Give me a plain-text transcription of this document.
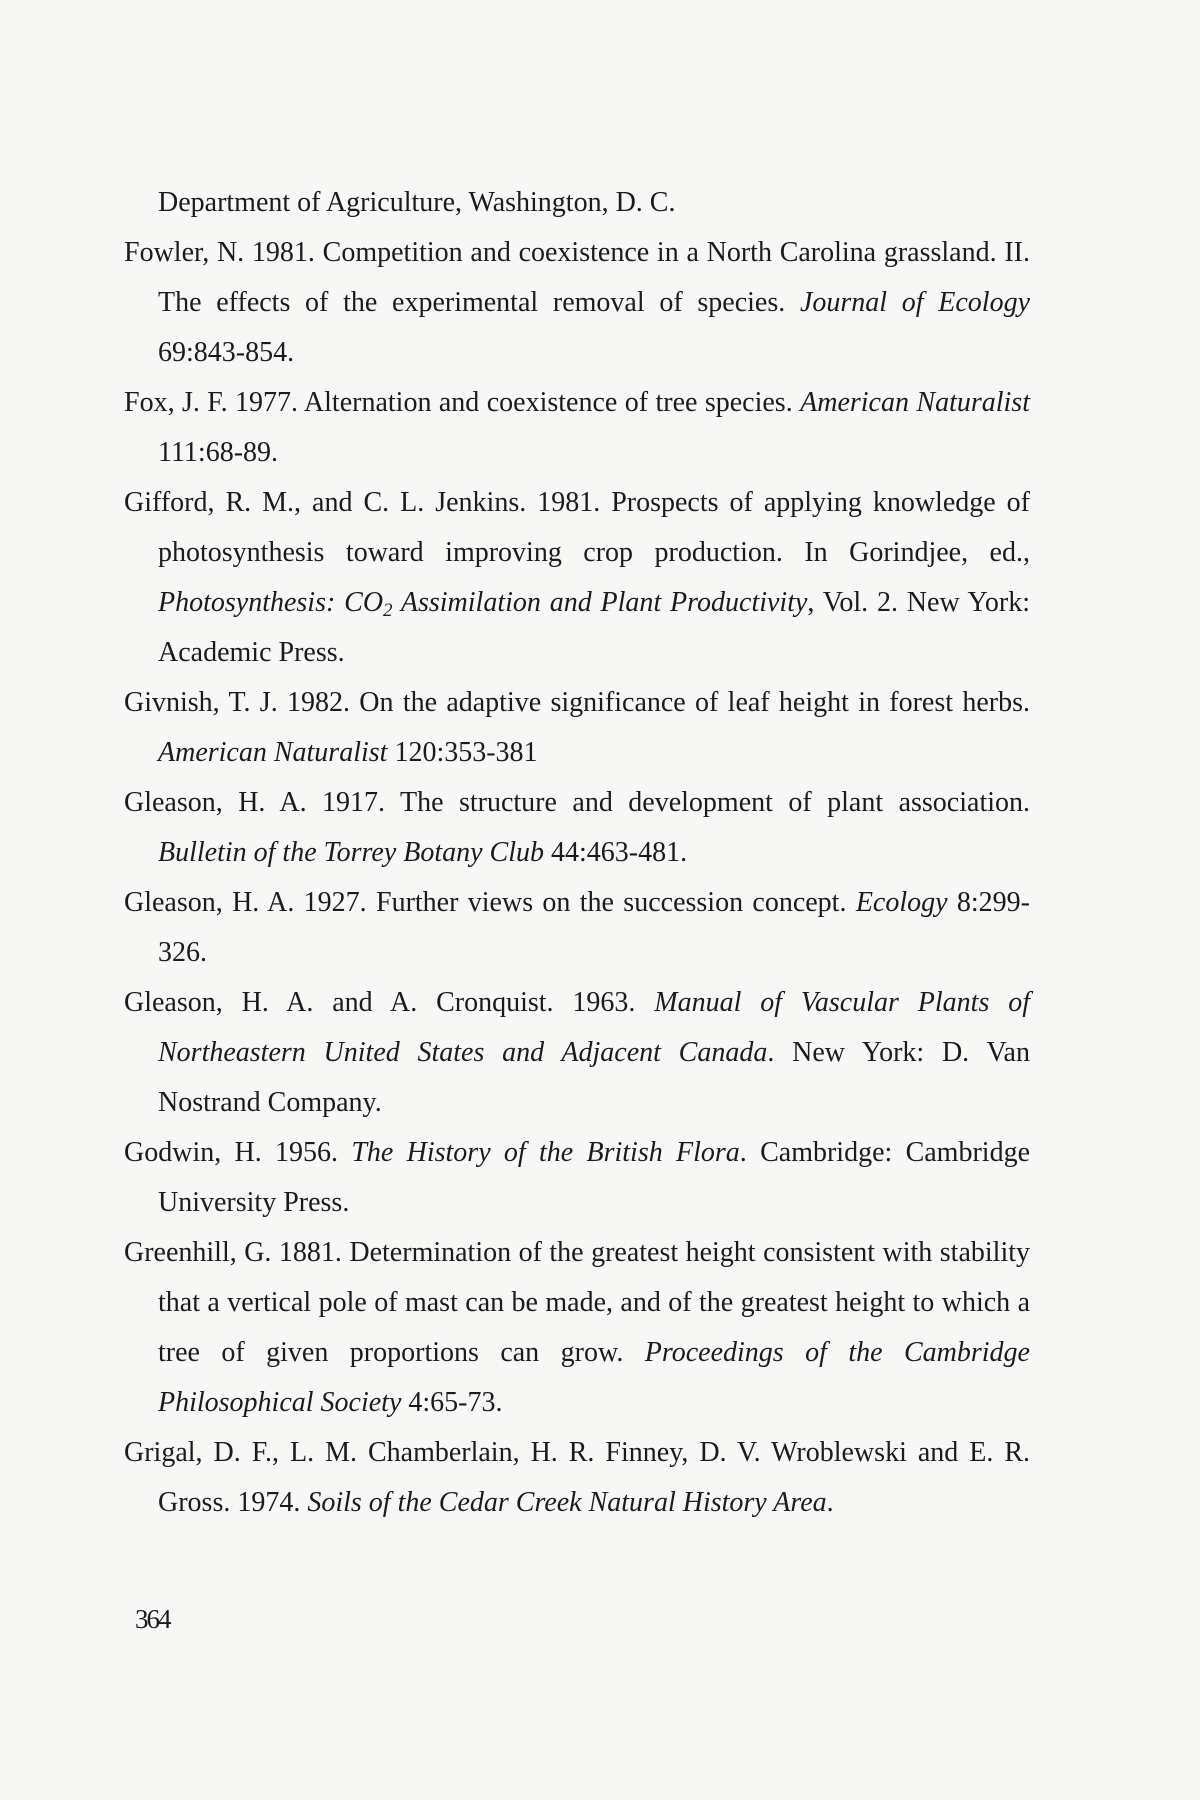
Department of Agriculture, Washington, D. C.
Fowler, N. 1981. Competition and coexistence in a North Carolina grassland. II. The effects of the experimental removal of species. Journal of Ecology 69:843-854.
Fox, J. F. 1977. Alternation and coexistence of tree species. American Naturalist 111:68-89.
Gifford, R. M., and C. L. Jenkins. 1981. Prospects of applying knowledge of photosynthesis toward improving crop production. In Gorindjee, ed., Photosynthesis: $CO_2$ Assimilation and Plant Productivity, Vol. 2. New York: Academic Press.
Givnish, T. J. 1982. On the adaptive significance of leaf height in forest herbs. American Naturalist 120:353-381
Gleason, H. A. 1917. The structure and development of plant association. Bulletin of the Torrey Botany Club 44:463-481.
Gleason, H. A. 1927. Further views on the succession concept. Ecology 8:299-326.
Gleason, H. A. and A. Cronquist. 1963. Manual of Vascular Plants of Northeastern United States and Adjacent Canada. New York: D. Van Nostrand Company.
Godwin, H. 1956. The History of the British Flora. Cambridge: Cambridge University Press.
Greenhill, G. 1881. Determination of the greatest height consistent with stability that a vertical pole of mast can be made, and of the greatest height to which a tree of given proportions can grow. Proceedings of the Cambridge Philosophical Society 4:65-73.
Grigal, D. F., L. M. Chamberlain, H. R. Finney, D. V. Wroblewski and E. R. Gross. 1974. Soils of the Cedar Creek Natural History Area.
364
